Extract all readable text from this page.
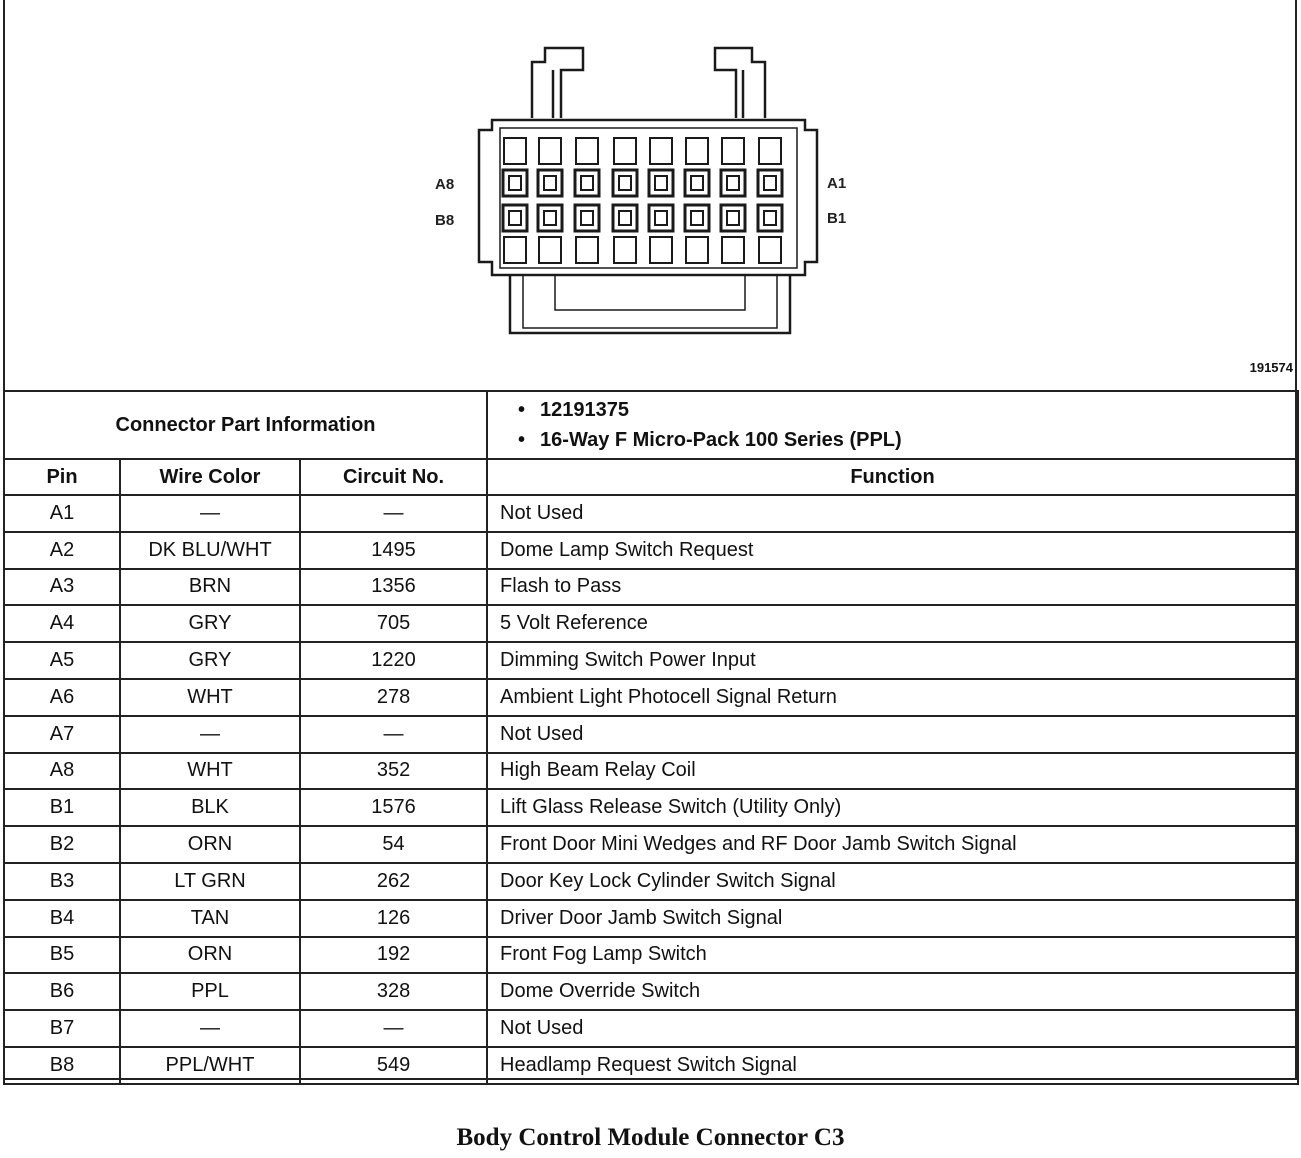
A8
B8
A1
B1
191574
Connector Part Information			• 12191375
• 16-Way F Micro-Pack 100 Series (PPL)

Pin	Wire Color	Circuit No.	Function
A1	—	—	Not Used
A2	DK BLU/WHT	1495	Dome Lamp Switch Request
A3	BRN	1356	Flash to Pass
A4	GRY	705	5 Volt Reference
A5	GRY	1220	Dimming Switch Power Input
A6	WHT	278	Ambient Light Photocell Signal Return
A7	—	—	Not Used
A8	WHT	352	High Beam Relay Coil
B1	BLK	1576	Lift Glass Release Switch (Utility Only)
B2	ORN	54	Front Door Mini Wedges and RF Door Jamb Switch Signal
B3	LT GRN	262	Door Key Lock Cylinder Switch Signal
B4	TAN	126	Driver Door Jamb Switch Signal
B5	ORN	192	Front Fog Lamp Switch
B6	PPL	328	Dome Override Switch
B7	—	—	Not Used
B8	PPL/WHT	549	Headlamp Request Switch Signal
Body Control Module Connector C3
